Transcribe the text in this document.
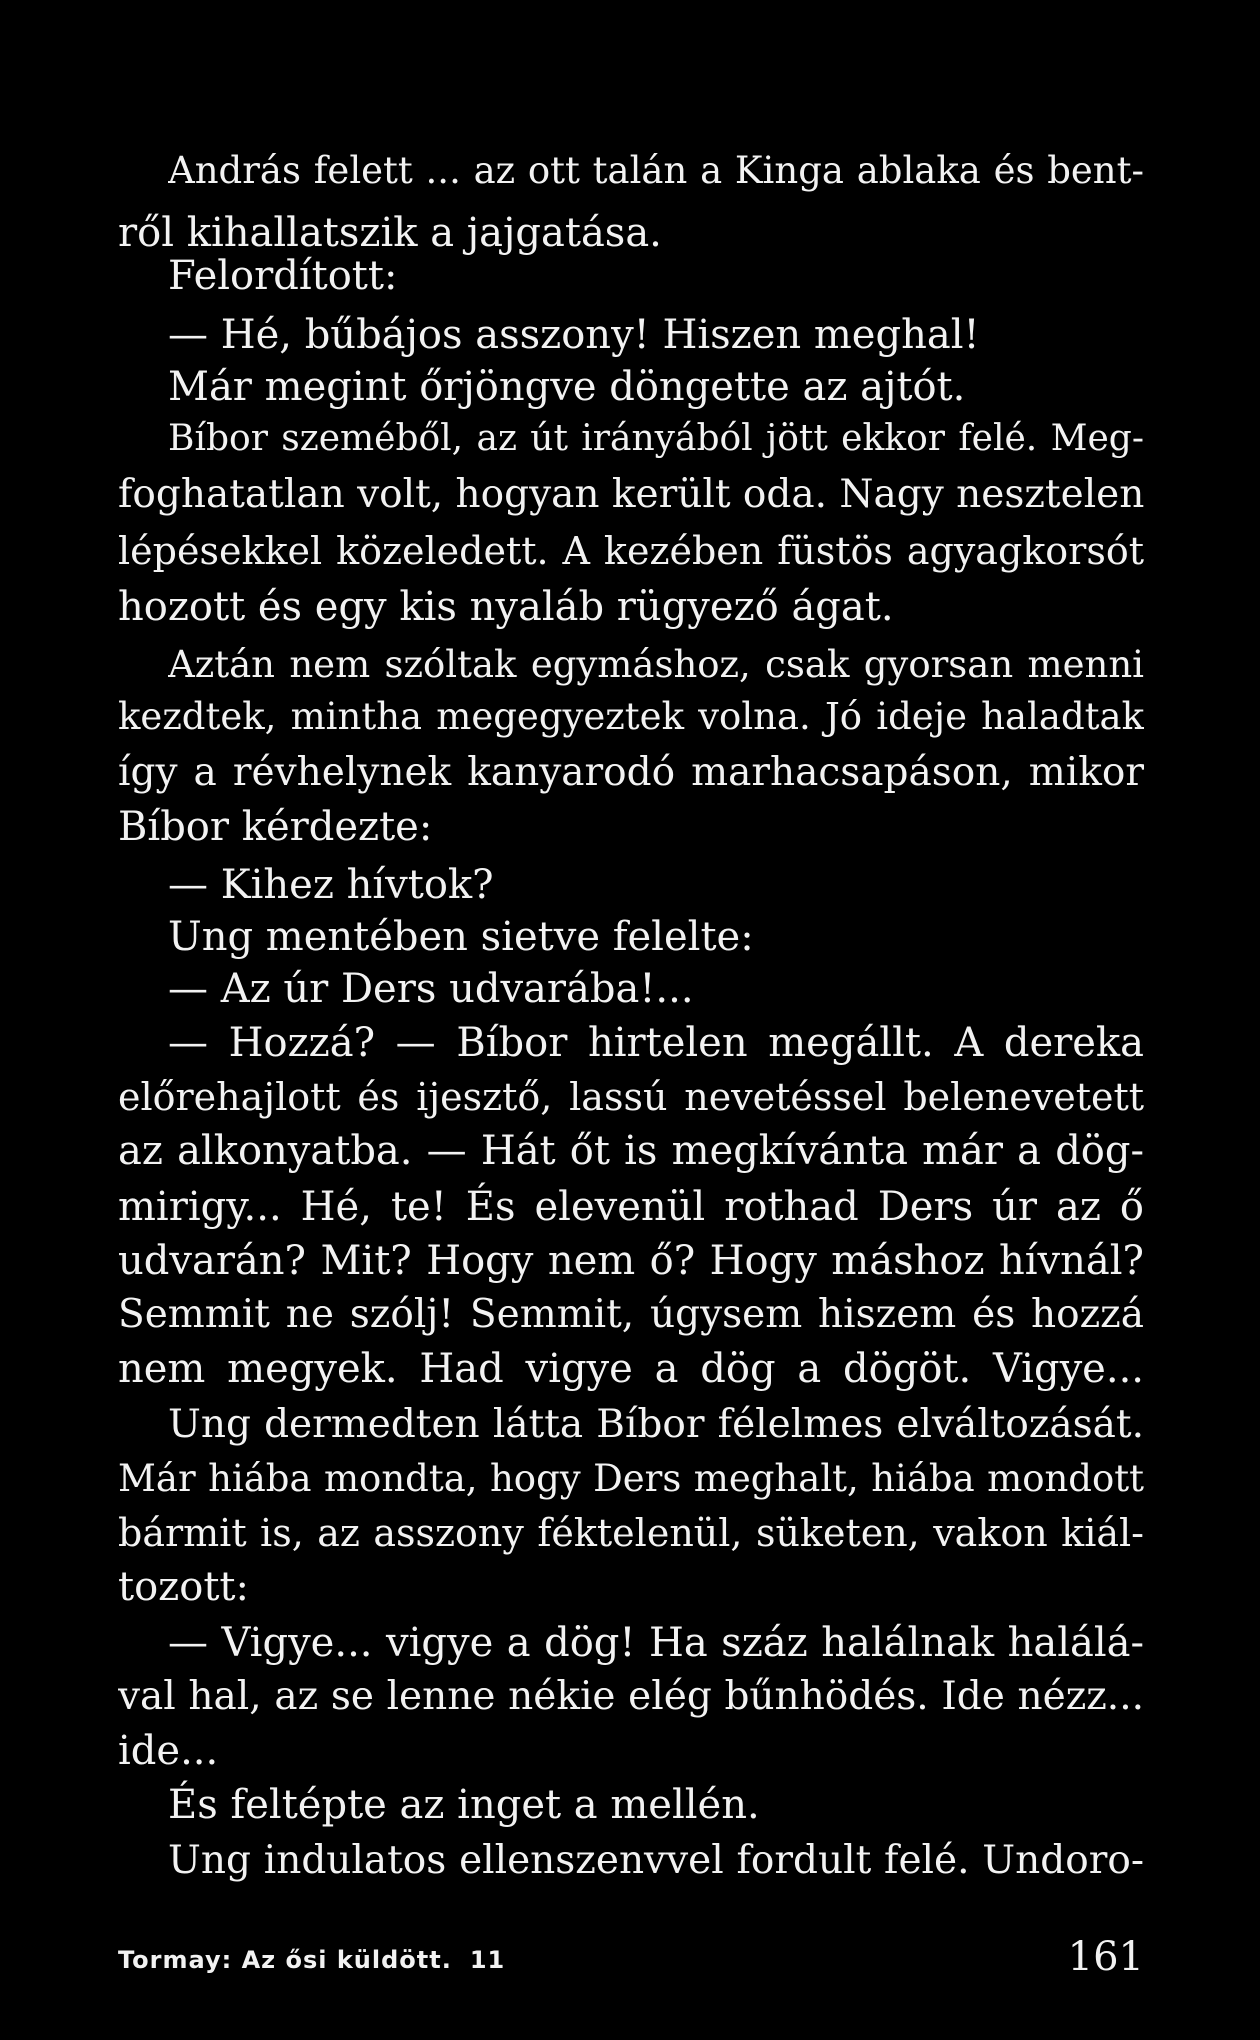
András felett ... az ott talán a Kinga ablaka és bent-
ről kihallatszik a jajgatása.
Felordított:
— Hé, bűbájos asszony! Hiszen meghal!
Már megint őrjöngve döngette az ajtót.
Bíbor szeméből, az út irányából jött ekkor felé. Meg-
foghatatlan volt, hogyan került oda. Nagy nesztelen
lépésekkel közeledett. A kezében füstös agyagkorsót
hozott és egy kis nyaláb rügyező ágat.
Aztán nem szóltak egymáshoz, csak gyorsan menni
kezdtek, mintha megegyeztek volna. Jó ideje haladtak
így a révhelynek kanyarodó marhacsapáson, mikor
Bíbor kérdezte:
— Kihez hívtok?
Ung mentében sietve felelte:
— Az úr Ders udvarába!...
— Hozzá? — Bíbor hirtelen megállt. A dereka
előrehajlott és ijesztő, lassú nevetéssel belenevetett
az alkonyatba. — Hát őt is megkívánta már a dög-
mirigy... Hé, te! És elevenül rothad Ders úr az ő
udvarán? Mit? Hogy nem ő? Hogy máshoz hívnál?
Semmit ne szólj! Semmit, úgysem hiszem és hozzá
nem megyek. Had vigye a dög a dögöt. Vigye...
Ung dermedten látta Bíbor félelmes elváltozását.
Már hiába mondta, hogy Ders meghalt, hiába mondott
bármit is, az asszony féktelenül, süketen, vakon kiál-
tozott:
— Vigye... vigye a dög! Ha száz halálnak halálá-
val hal, az se lenne nékie elég bűnhödés. Ide nézz...
ide...
És feltépte az inget a mellén.
Ung indulatos ellenszenvvel fordult felé. Undoro-
Tormay: Az ősi küldött. 11	161
